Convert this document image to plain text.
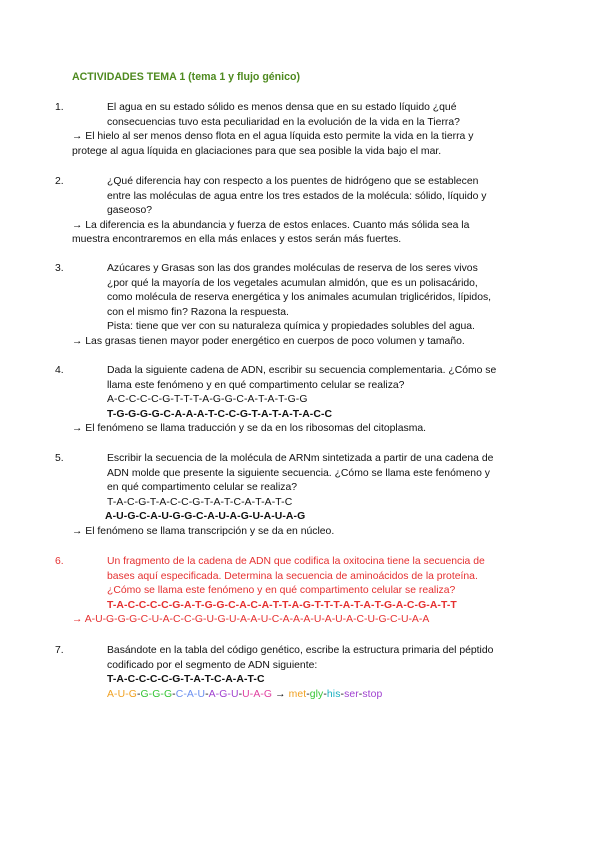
ACTIVIDADES TEMA 1 (tema 1 y flujo génico)
1.	El agua en su estado sólido es menos densa que en su estado líquido ¿qué
consecuencias tuvo esta peculiaridad en la evolución de la vida en la Tierra?
→ El hielo al ser menos denso flota en el agua líquida esto permite la vida en la tierra y
protege al agua líquida en glaciaciones para que sea posible la vida bajo el mar.
2.	¿Qué diferencia hay con respecto a los puentes de hidrógeno que se establecen
entre las moléculas de agua entre los tres estados de la molécula: sólido, líquido y
gaseoso?
→ La diferencia es la abundancia y fuerza de estos enlaces. Cuanto más sólida sea la
muestra encontraremos en ella más enlaces y estos serán más fuertes.
3.	Azúcares y Grasas son las dos grandes moléculas de reserva de los seres vivos
¿por qué la mayoría de los vegetales acumulan almidón, que es un polisacárido,
como molécula de reserva energética y los animales acumulan triglicéridos, lípidos,
con el mismo fin? Razona la respuesta.
Pista: tiene que ver con su naturaleza química y propiedades solubles del agua.
→ Las grasas tienen mayor poder energético en cuerpos de poco volumen y tamaño.
4.	Dada la siguiente cadena de ADN, escribir su secuencia complementaria. ¿Cómo se
llama este fenómeno y en qué compartimento celular se realiza?
A-C-C-C-C-G-T-T-T-A-G-G-C-A-T-A-T-G-G
T-G-G-G-G-C-A-A-A-T-C-C-G-T-A-T-A-T-A-C-C
→ El fenómeno se llama traducción y se da en los ribosomas del citoplasma.
5.	Escribir la secuencia de la molécula de ARNm sintetizada a partir de una cadena de
ADN molde que presente la siguiente secuencia. ¿Cómo se llama este fenómeno y
en qué compartimento celular se realiza?
T-A-C-G-T-A-C-C-G-T-A-T-C-A-T-A-T-C
A-U-G-C-A-U-G-G-C-A-U-A-G-U-A-U-A-G
→ El fenómeno se llama transcripción y se da en núcleo.
6.	Un fragmento de la cadena de ADN que codifica la oxitocina tiene la secuencia de
bases aquí especificada. Determina la secuencia de aminoácidos de la proteína.
¿Cómo se llama este fenómeno y en qué compartimento celular se realiza?
T-A-C-C-C-C-G-A-T-G-G-C-A-C-A-T-T-A-G-T-T-T-A-T-A-T-G-A-C-G-A-T-T
→ A-U-G-G-G-C-U-A-C-C-G-U-G-U-A-A-U-C-A-A-A-U-A-U-A-C-U-G-C-U-A-A
7.	Basándote en la tabla del código genético, escribe la estructura primaria del péptido
codificado por el segmento de ADN siguiente:
T-A-C-C-C-C-G-T-A-T-C-A-A-T-C
A-U-G-G-G-G-C-A-U-A-G-U-U-A-G → met-gly-his-ser-stop
